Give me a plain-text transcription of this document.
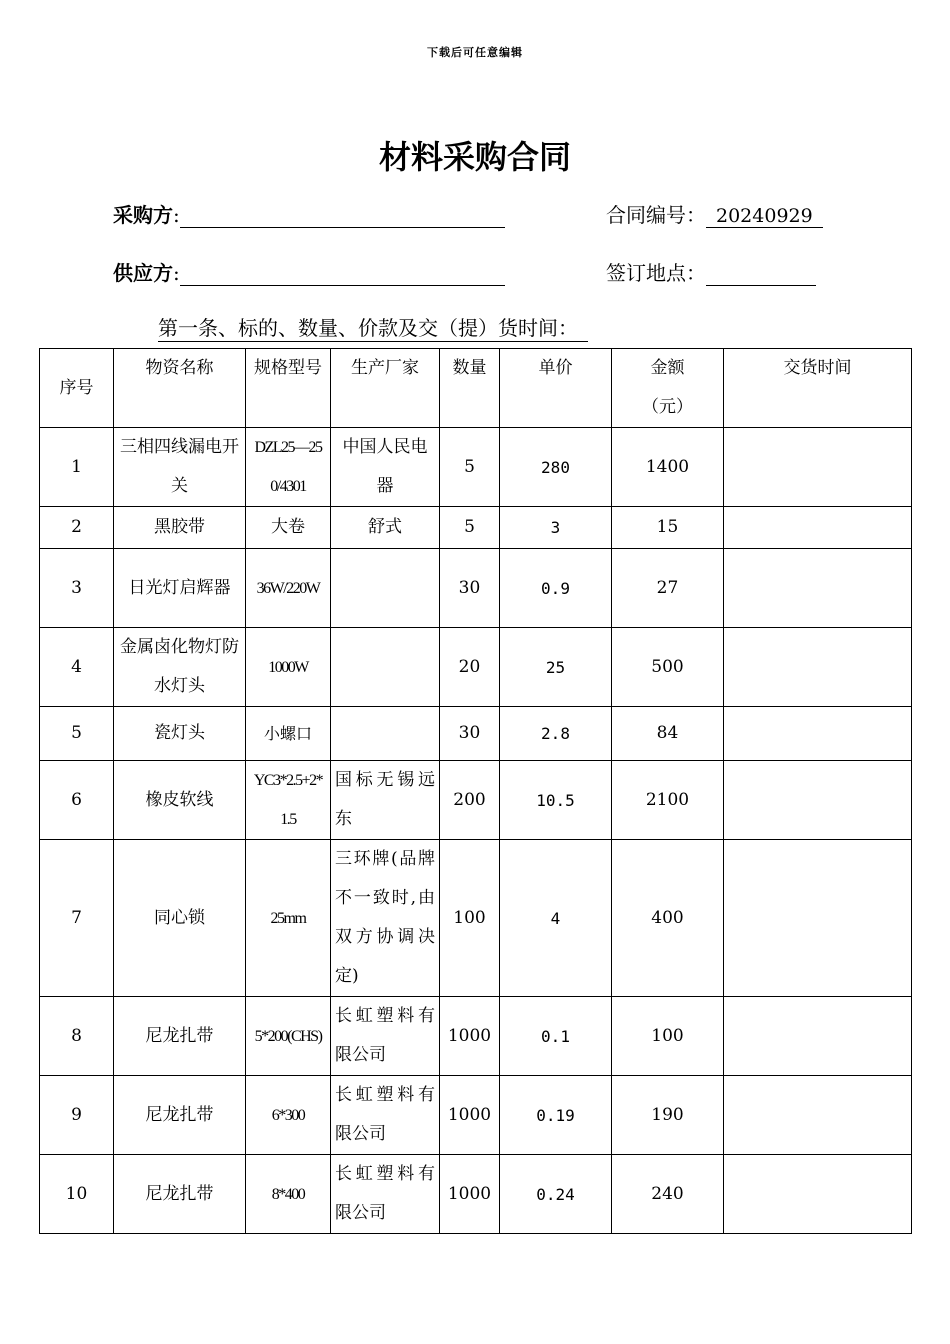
下载后可任意编辑
材料采购合同
采购方:	合同编号： 20240929
供应方:	签订地点：
第一条、标的、数量、价款及交（提）货时间：
序号	物资名称	规格型号	生产厂家	数量	单价	金额（元）	交货时间
1	三相四线漏电开关	DZL25—250/4301	中国人民电器	5	280	1400	
2	黑胶带	大卷	舒式	5	3	15	
3	日光灯启辉器	36W/220W		30	0.9	27	
4	金属卤化物灯防水灯头	1000W		20	25	500	
5	瓷灯头	小螺口		30	2.8	84	
6	橡皮软线	YC3*2.5+2*1.5	国标无锡远东	200	10.5	2100	
7	同心锁	25mm	三环牌(品牌不一致时,由双方协调决定)	100	4	400	
8	尼龙扎带	5*200(CHS)	长虹塑料有限公司	1000	0.1	100	
9	尼龙扎带	6*300	长虹塑料有限公司	1000	0.19	190	
10	尼龙扎带	8*400	长虹塑料有限公司	1000	0.24	240	
